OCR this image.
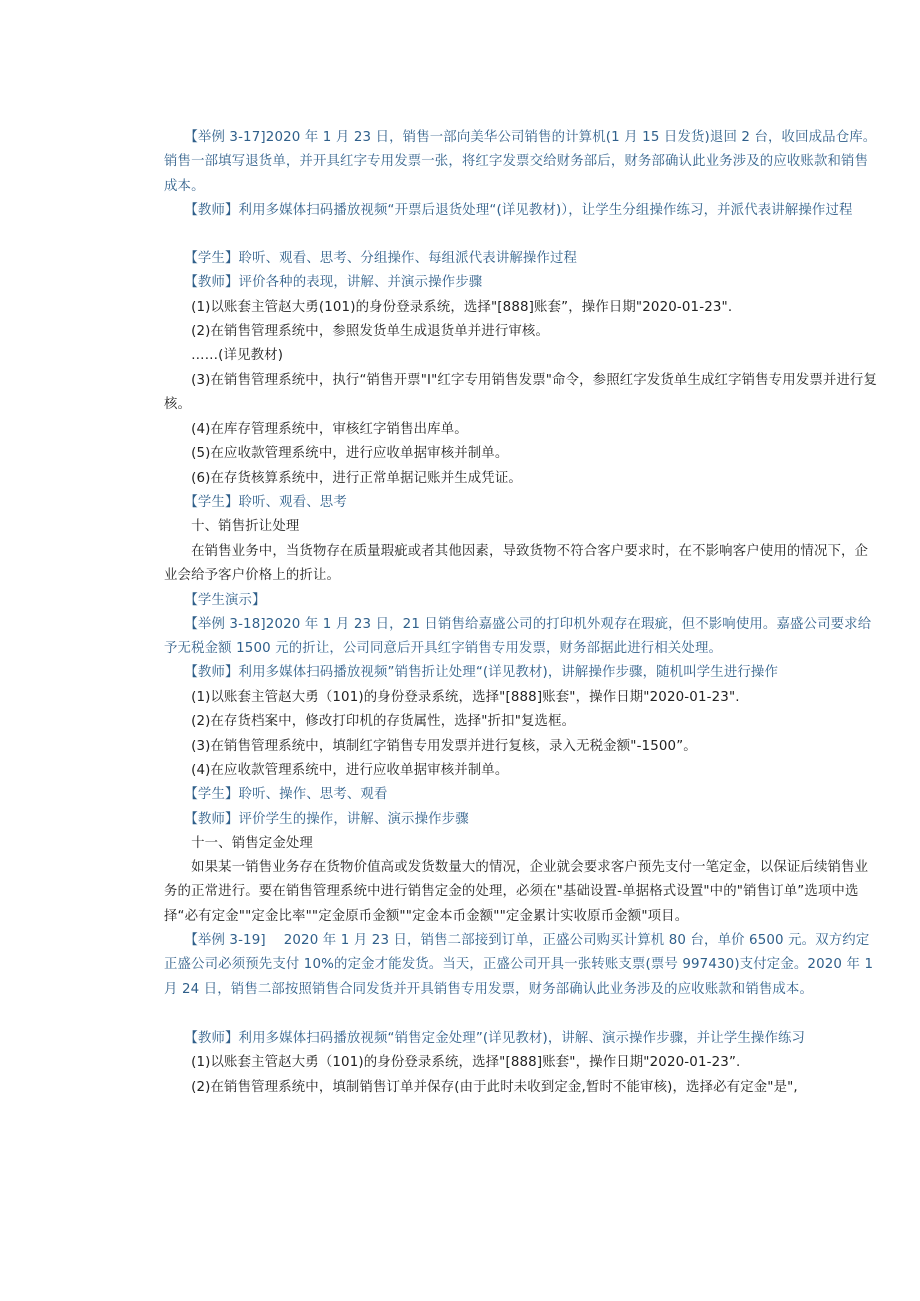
　　【举例 3-17]2020 年 1 月 23 日，销售一部向美华公司销售的计算机(1 月 15 日发货)退回 2 台，收回成品仓库。销售一部填写退货单，并开具红字专用发票一张，将红字发票交给财务部后，财务部确认此业务涉及的应收账款和销售成本。

　　【教师】利用多媒体扫码播放视频“开票后退货处理“(详见教材)），让学生分组操作练习，并派代表讲解操作过程

　　【学生】聆听、观看、思考、分组操作、每组派代表讲解操作过程

　　【教师】评价各种的表现，讲解、并演示操作步骤

　　(1)以账套主管赵大勇(101)的身份登录系统，选择"[888]账套”，操作日期"2020-01-23".

　　(2)在销售管理系统中，参照发货单生成退货单并进行审核。

　　……(详见教材)

　　(3)在销售管理系统中，执行“销售开票"I"红字专用销售发票"命令，参照红字发货单生成红字销售专用发票并进行复核。

　　(4)在库存管理系统中，审核红字销售出库单。

　　(5)在应收款管理系统中，进行应收单据审核并制单。

　　(6)在存货核算系统中，进行正常单据记账并生成凭证。

　　【学生】聆听、观看、思考

　　十、销售折让处理

　　在销售业务中，当货物存在质量瑕疵或者其他因素，导致货物不符合客户要求时，在不影响客户使用的情况下，企业会给予客户价格上的折让。

　　【学生演示】

　　【举例 3-18]2020 年 1 月 23 日，21 日销售给嘉盛公司的打印机外观存在瑕疵，但不影响使用。嘉盛公司要求给予无税金额 1500 元的折让，公司同意后开具红字销售专用发票，财务部据此进行相关处理。

　　【教师】利用多媒体扫码播放视频”销售折让处理“(详见教材)，讲解操作步骤，随机叫学生进行操作

　　(1)以账套主管赵大勇（101)的身份登录系统，选择"[888]账套"，操作日期"2020-01-23".

　　(2)在存货档案中，修改打印机的存货属性，选择"折扣"复选框。

　　(3)在销售管理系统中，填制红字销售专用发票并进行复核，录入无税金额"-1500”。

　　(4)在应收款管理系统中，进行应收单据审核并制单。

　　【学生】聆听、操作、思考、观看

　　【教师】评价学生的操作，讲解、演示操作步骤

　　十一、销售定金处理

　　如果某一销售业务存在货物价值高或发货数量大的情况，企业就会要求客户预先支付一笔定金，以保证后续销售业务的正常进行。要在销售管理系统中进行销售定金的处理，必须在"基础设置-单据格式设置"中的"销售订单”选项中选择“必有定金""定金比率""定金原币金额""定金本币金额""定金累计实收原币金额"项目。

　　【举例 3-19]　 2020 年 1 月 23 日，销售二部接到订单，正盛公司购买计算机 80 台，单价 6500 元。双方约定正盛公司必须预先支付 10%的定金才能发货。当天，正盛公司开具一张转账支票(票号 997430)支付定金。2020 年 1 月 24 日，销售二部按照销售合同发货并开具销售专用发票，财务部确认此业务涉及的应收账款和销售成本。

　　【教师】利用多媒体扫码播放视频“销售定金处理”(详见教材)，讲解、演示操作步骤，并让学生操作练习

　　(1)以账套主管赵大勇（101)的身份登录系统，选择"[888]账套"，操作日期"2020-01-23”.

　　(2)在销售管理系统中，填制销售订单并保存(由于此时未收到定金,暂时不能审核)，选择必有定金"是",
